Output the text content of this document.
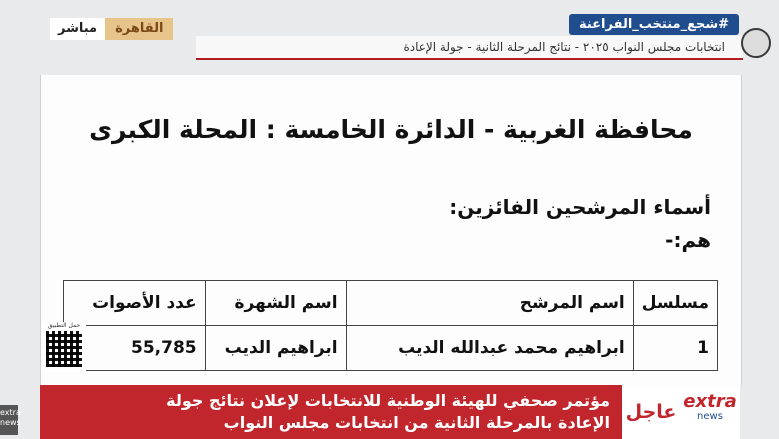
القاهرة
مباشر	#شجع_منتخب_الفراعنة
انتخابات مجلس النواب ٢٠٢٥ - نتائج المرحلة الثانية - جولة الإعادة
محافظة الغربية - الدائرة الخامسة : المحلة الكبرى
أسماء المرشحين الفائزين:
هم:-
مسلسل	اسم المرشح	اسم الشهرة	عدد الأصوات
1	ابراهيم محمد عبدالله الديب	ابراهيم الديب	55,785
حمل التطبيق
مؤتمر صحفي للهيئة الوطنية للانتخابات لإعلان نتائج جولة
الإعادة بالمرحلة الثانية من انتخابات مجلس النواب عاجل extra
news
extra news
